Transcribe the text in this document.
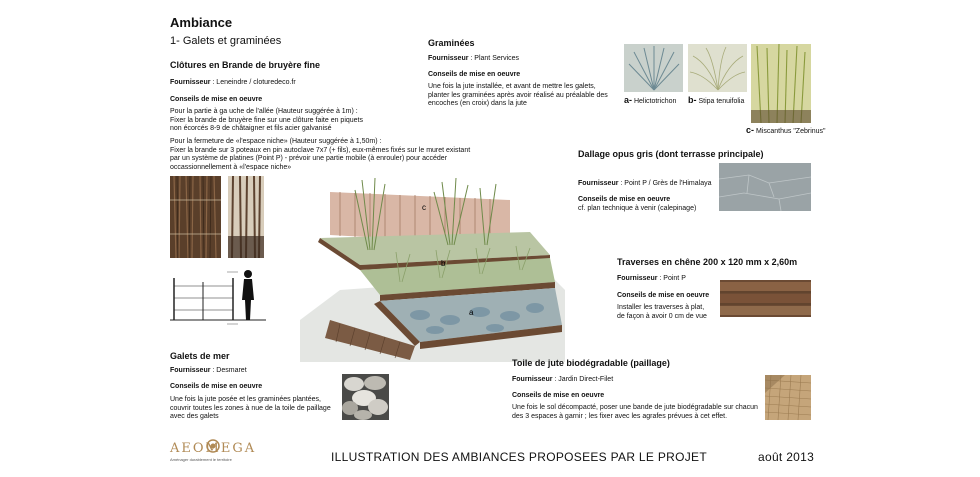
Ambiance
1- Galets et graminées
Clôtures en Brande de bruyère fine
Fournisseur : Leneindre / cloturedeco.fr
Conseils de mise en oeuvre
Pour la partie à ga uche de l'allée (Hauteur suggérée à 1m) :
Fixer la brande de bruyère fine sur une clôture faite en piquets
non écorcés 8-9 de châtaigner et fils acier galvanisé
Pour la fermeture de «l'espace niche» (Hauteur suggérée à 1,50m) :
Fixer la brande sur 3 poteaux en pin autoclave 7x7 (+ fils), eux-mêmes fixés sur le muret existant
par un système de platines (Point P) - prévoir une partie mobile (à enrouler) pour accéder
occassionnellement à «l'espace niche»
c
b
a
Graminées
Fournisseur : Plant Services
Conseils de mise en oeuvre
Une fois la jute installée, et avant de mettre les galets,
planter les graminées après avoir réalisé au préalable des
encoches (en croix) dans la jute	a- Helictotrichon b- Stipa tenuifolia
c- Miscanthus "Zebrinus"
Dallage opus gris (dont terrasse principale)
Fournisseur : Point P / Grès de l'Himalaya
Conseils de mise en oeuvre
cf. plan technique à venir (calepinage)
Traverses en chêne 200 x 120 mm x 2,60m
Fournisseur : Point P
Conseils de mise en oeuvre
Installer les traverses à plat,
de façon à avoir 0 cm de vue
Galets de mer
Fournisseur : Desmaret
Conseils de mise en oeuvre
Une fois la jute posée et les graminées plantées,
couvrir toutes les zones à nue de la toile de paillage
avec des galets
Toile de jute biodégradable (paillage)
Fournisseur : Jardin Direct-Filet
Conseils de mise en oeuvre
Une fois le sol décompacté, poser une bande de jute biodégradable sur chacun
des 3 espaces à garnir ; les fixer avec les agrafes prévues à cet effet.
AEOMEGA
Aménager durablement le territoire	ILLUSTRATION DES AMBIANCES PROPOSEES PAR LE PROJET	août 2013
